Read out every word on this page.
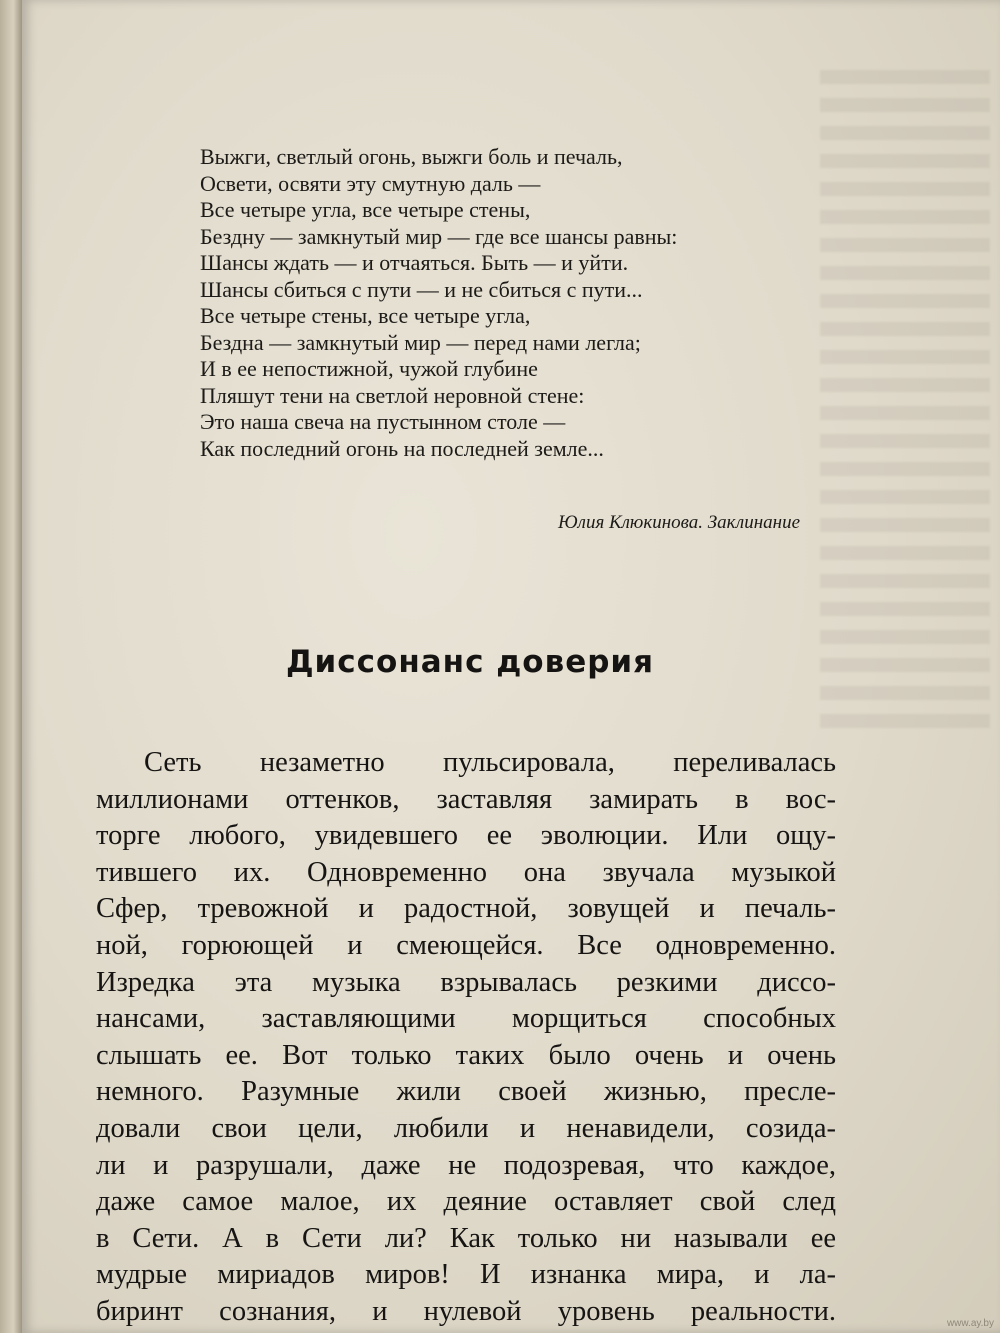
Выжги, светлый огонь, выжги боль и печаль,
Освети, освяти эту смутную даль —
Все четыре угла, все четыре стены,
Бездну — замкнутый мир — где все шансы равны:
Шансы ждать — и отчаяться. Быть — и уйти.
Шансы сбиться с пути — и не сбиться с пути...
Все четыре стены, все четыре угла,
Бездна — замкнутый мир — перед нами легла;
И в ее непостижной, чужой глубине
Пляшут тени на светлой неровной стене:
Это наша свеча на пустынном столе —
Как последний огонь на последней земле...
Юлия Клюкинова. Заклинание
Диссонанс доверия
Сеть незаметно пульсировала, переливалась
миллионами оттенков, заставляя замирать в вос-
торге любого, увидевшего ее эволюции. Или ощу-
тившего их. Одновременно она звучала музыкой
Сфер, тревожной и радостной, зовущей и печаль-
ной, горюющей и смеющейся. Все одновременно.
Изредка эта музыка взрывалась резкими диссо-
нансами, заставляющими морщиться способных
слышать ее. Вот только таких было очень и очень
немного. Разумные жили своей жизнью, пресле-
довали свои цели, любили и ненавидели, созида-
ли и разрушали, даже не подозревая, что каждое,
даже самое малое, их деяние оставляет свой след
в Сети. А в Сети ли? Как только ни называли ее
мудрые мириадов миров! И изнанка мира, и ла-
биринт сознания, и нулевой уровень реальности.	www.ay.by
